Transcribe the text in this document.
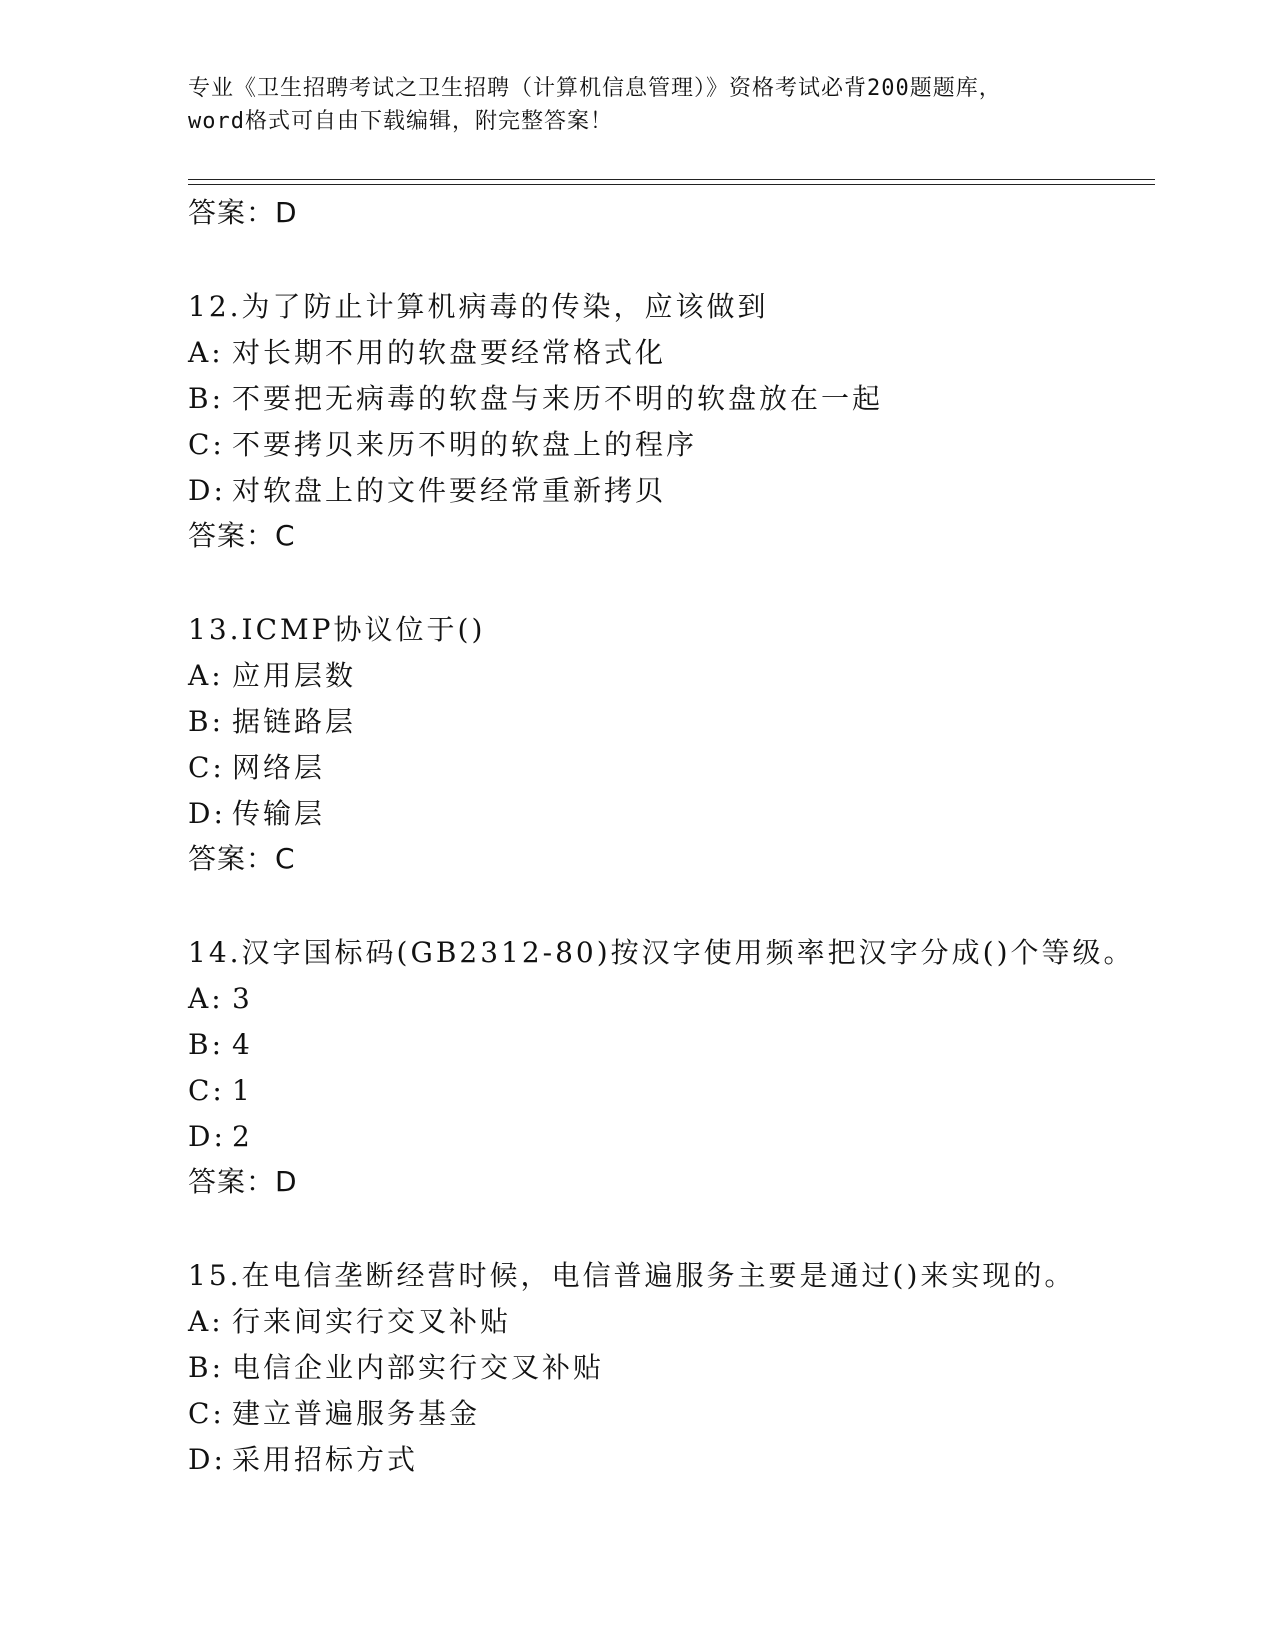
专业《卫生招聘考试之卫生招聘（计算机信息管理）》资格考试必背200题题库，
word格式可自由下载编辑，附完整答案！
答案：D
12.为了防止计算机病毒的传染，应该做到
A: 对长期不用的软盘要经常格式化
B: 不要把无病毒的软盘与来历不明的软盘放在一起
C: 不要拷贝来历不明的软盘上的程序
D: 对软盘上的文件要经常重新拷贝
答案：C
13.ICMP协议位于()
A: 应用层数
B: 据链路层
C: 网络层
D: 传输层
答案：C
14.汉字国标码(GB2312-80)按汉字使用频率把汉字分成()个等级。
A: 3
B: 4
C: 1
D: 2
答案：D
15.在电信垄断经营时候，电信普遍服务主要是通过()来实现的。
A: 行来间实行交叉补贴
B: 电信企业内部实行交叉补贴
C: 建立普遍服务基金
D: 采用招标方式
